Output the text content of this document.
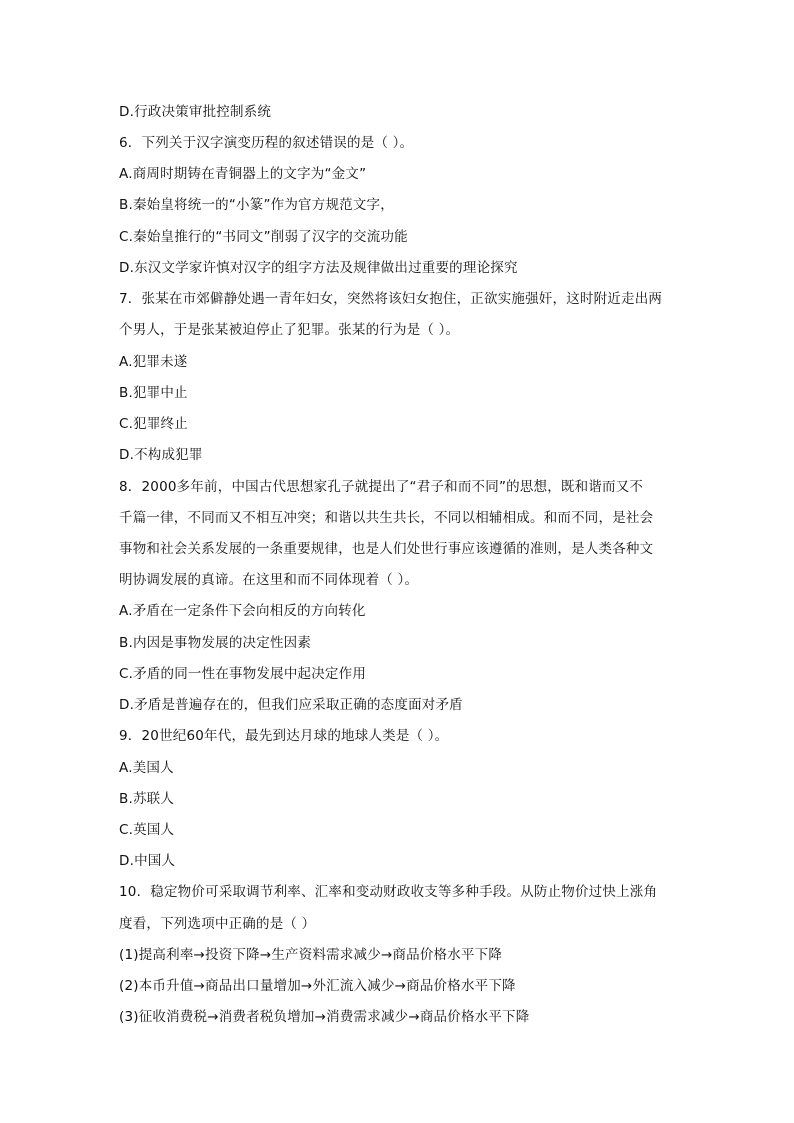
D.行政决策审批控制系统
6．下列关于汉字演变历程的叙述错误的是（ ）。
A.商周时期铸在青铜器上的文字为“金文”
B.秦始皇将统一的“小篆”作为官方规范文字，
C.秦始皇推行的“书同文”削弱了汉字的交流功能
D.东汉文学家许慎对汉字的组字方法及规律做出过重要的理论探究
7．张某在市郊僻静处遇一青年妇女，突然将该妇女抱住，正欲实施强奸，这时附近走出两
个男人，于是张某被迫停止了犯罪。张某的行为是（ ）。
A.犯罪未遂
B.犯罪中止
C.犯罪终止
D.不构成犯罪
8．2000多年前，中国古代思想家孔子就提出了“君子和而不同”的思想，既和谐而又不
千篇一律，不同而又不相互冲突；和谐以共生共长，不同以相辅相成。和而不同，是社会
事物和社会关系发展的一条重要规律，也是人们处世行事应该遵循的准则，是人类各种文
明协调发展的真谛。在这里和而不同体现着（ ）。
A.矛盾在一定条件下会向相反的方向转化
B.内因是事物发展的决定性因素
C.矛盾的同一性在事物发展中起决定作用
D.矛盾是普遍存在的，但我们应采取正确的态度面对矛盾
9．20世纪60年代，最先到达月球的地球人类是（ ）。
A.美国人
B.苏联人
C.英国人
D.中国人
10．稳定物价可采取调节利率、汇率和变动财政收支等多种手段。从防止物价过快上涨角
度看，下列选项中正确的是（ ）
(1)提高利率→投资下降→生产资料需求减少→商品价格水平下降
(2)本币升值→商品出口量增加→外汇流入减少→商品价格水平下降
(3)征收消费税→消费者税负增加→消费需求减少→商品价格水平下降
